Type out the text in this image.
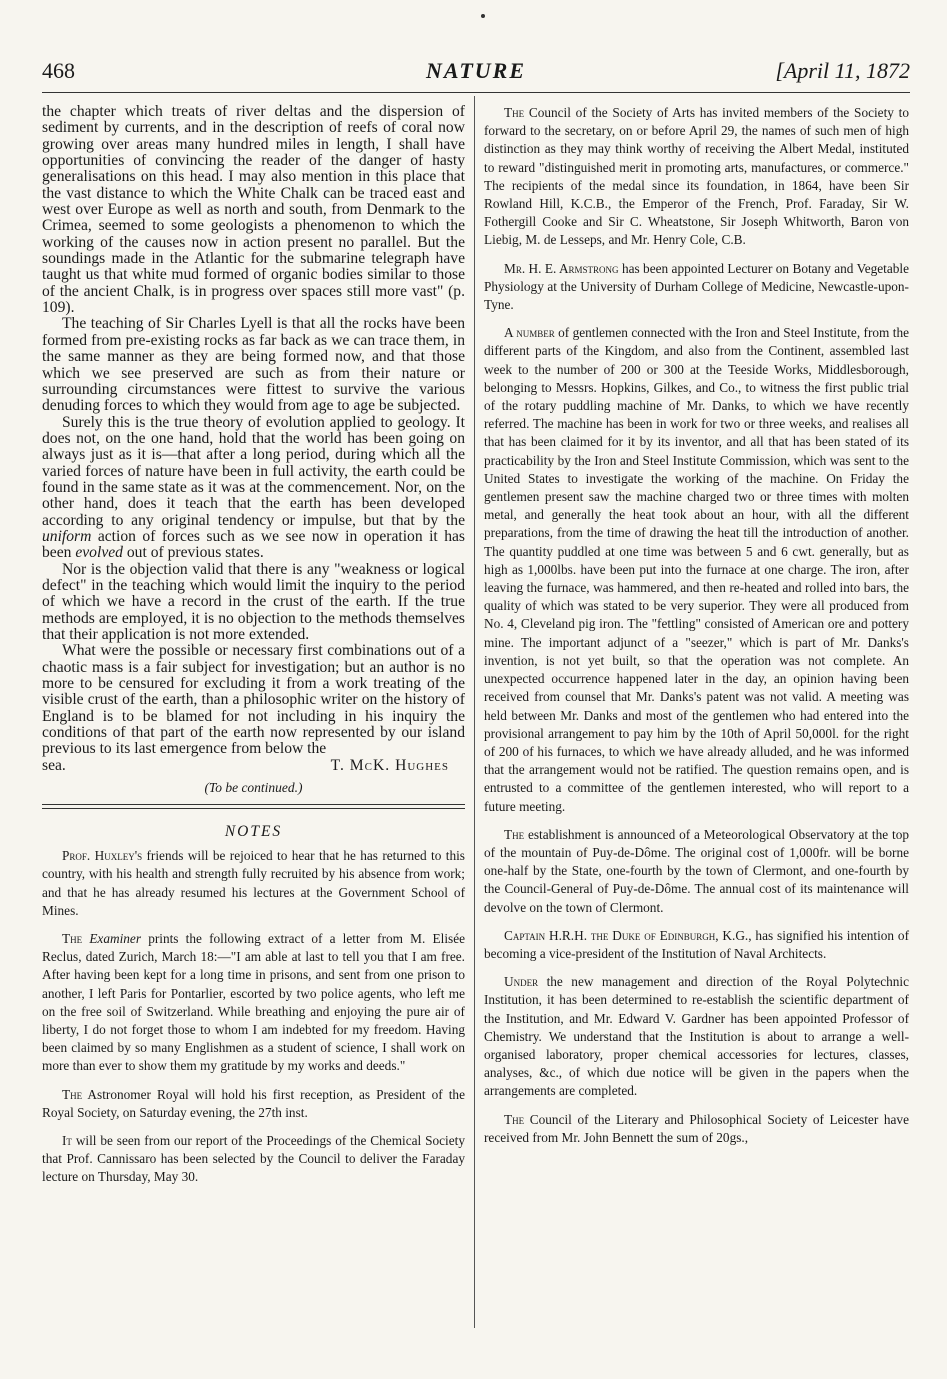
468	NATURE	[April 11, 1872

the chapter which treats of river deltas and the dispersion of sediment by currents, and in the description of reefs of coral now growing over areas many hundred miles in length, I shall have opportunities of convincing the reader of the danger of hasty generalisations on this head. I may also mention in this place that the vast distance to which the White Chalk can be traced east and west over Europe as well as north and south, from Denmark to the Crimea, seemed to some geologists a phenomenon to which the working of the causes now in action present no parallel. But the soundings made in the Atlantic for the submarine telegraph have taught us that white mud formed of organic bodies similar to those of the ancient Chalk, is in progress over spaces still more vast" (p. 109).

The teaching of Sir Charles Lyell is that all the rocks have been formed from pre-existing rocks as far back as we can trace them, in the same manner as they are being formed now, and that those which we see preserved are such as from their nature or surrounding circumstances were fittest to survive the various denuding forces to which they would from age to age be subjected.

Surely this is the true theory of evolution applied to geology. It does not, on the one hand, hold that the world has been going on always just as it is—that after a long period, during which all the varied forces of nature have been in full activity, the earth could be found in the same state as it was at the commencement. Nor, on the other hand, does it teach that the earth has been developed according to any original tendency or impulse, but that by the uniform action of forces such as we see now in operation it has been evolved out of previous states.

Nor is the objection valid that there is any "weakness or logical defect" in the teaching which would limit the inquiry to the period of which we have a record in the crust of the earth. If the true methods are employed, it is no objection to the methods themselves that their application is not more extended.

What were the possible or necessary first combinations out of a chaotic mass is a fair subject for investigation; but an author is no more to be censured for excluding it from a work treating of the visible crust of the earth, than a philosophic writer on the history of England is to be blamed for not including in his inquiry the conditions of that part of the earth now represented by our island previous to its last emergence from below the

sea.	T. McK. Hughes
(To be continued.)
NOTES

Prof. Huxley's friends will be rejoiced to hear that he has returned to this country, with his health and strength fully recruited by his absence from work; and that he has already resumed his lectures at the Government School of Mines.

The Examiner prints the following extract of a letter from M. Elisée Reclus, dated Zurich, March 18:—"I am able at last to tell you that I am free. After having been kept for a long time in prisons, and sent from one prison to another, I left Paris for Pontarlier, escorted by two police agents, who left me on the free soil of Switzerland. While breathing and enjoying the pure air of liberty, I do not forget those to whom I am indebted for my freedom. Having been claimed by so many Englishmen as a student of science, I shall work on more than ever to show them my gratitude by my works and deeds."

The Astronomer Royal will hold his first reception, as President of the Royal Society, on Saturday evening, the 27th inst.

It will be seen from our report of the Proceedings of the Chemical Society that Prof. Cannissaro has been selected by the Council to deliver the Faraday lecture on Thursday, May 30.

The Council of the Society of Arts has invited members of the Society to forward to the secretary, on or before April 29, the names of such men of high distinction as they may think worthy of receiving the Albert Medal, instituted to reward "distinguished merit in promoting arts, manufactures, or commerce." The recipients of the medal since its foundation, in 1864, have been Sir Rowland Hill, K.C.B., the Emperor of the French, Prof. Faraday, Sir W. Fothergill Cooke and Sir C. Wheatstone, Sir Joseph Whitworth, Baron von Liebig, M. de Lesseps, and Mr. Henry Cole, C.B.

Mr. H. E. Armstrong has been appointed Lecturer on Botany and Vegetable Physiology at the University of Durham College of Medicine, Newcastle-upon-Tyne.

A number of gentlemen connected with the Iron and Steel Institute, from the different parts of the Kingdom, and also from the Continent, assembled last week to the number of 200 or 300 at the Teeside Works, Middlesborough, belonging to Messrs. Hopkins, Gilkes, and Co., to witness the first public trial of the rotary puddling machine of Mr. Danks, to which we have recently referred. The machine has been in work for two or three weeks, and realises all that has been claimed for it by its inventor, and all that has been stated of its practicability by the Iron and Steel Institute Commission, which was sent to the United States to investigate the working of the machine. On Friday the gentlemen present saw the machine charged two or three times with molten metal, and generally the heat took about an hour, with all the different preparations, from the time of drawing the heat till the introduction of another. The quantity puddled at one time was between 5 and 6 cwt. generally, but as high as 1,000lbs. have been put into the furnace at one charge. The iron, after leaving the furnace, was hammered, and then re-heated and rolled into bars, the quality of which was stated to be very superior. They were all produced from No. 4, Cleveland pig iron. The "fettling" consisted of American ore and pottery mine. The important adjunct of a "seezer," which is part of Mr. Danks's invention, is not yet built, so that the operation was not complete. An unexpected occurrence happened later in the day, an opinion having been received from counsel that Mr. Danks's patent was not valid. A meeting was held between Mr. Danks and most of the gentlemen who had entered into the provisional arrangement to pay him by the 10th of April 50,000l. for the right of 200 of his furnaces, to which we have already alluded, and he was informed that the arrangement would not be ratified. The question remains open, and is entrusted to a committee of the gentlemen interested, who will report to a future meeting.

The establishment is announced of a Meteorological Observatory at the top of the mountain of Puy-de-Dôme. The original cost of 1,000fr. will be borne one-half by the State, one-fourth by the town of Clermont, and one-fourth by the Council-General of Puy-de-Dôme. The annual cost of its maintenance will devolve on the town of Clermont.

Captain H.R.H. the Duke of Edinburgh, K.G., has signified his intention of becoming a vice-president of the Institution of Naval Architects.

Under the new management and direction of the Royal Polytechnic Institution, it has been determined to re-establish the scientific department of the Institution, and Mr. Edward V. Gardner has been appointed Professor of Chemistry. We understand that the Institution is about to arrange a well-organised laboratory, proper chemical accessories for lectures, classes, analyses, &c., of which due notice will be given in the papers when the arrangements are completed.

The Council of the Literary and Philosophical Society of Leicester have received from Mr. John Bennett the sum of 20gs.,
